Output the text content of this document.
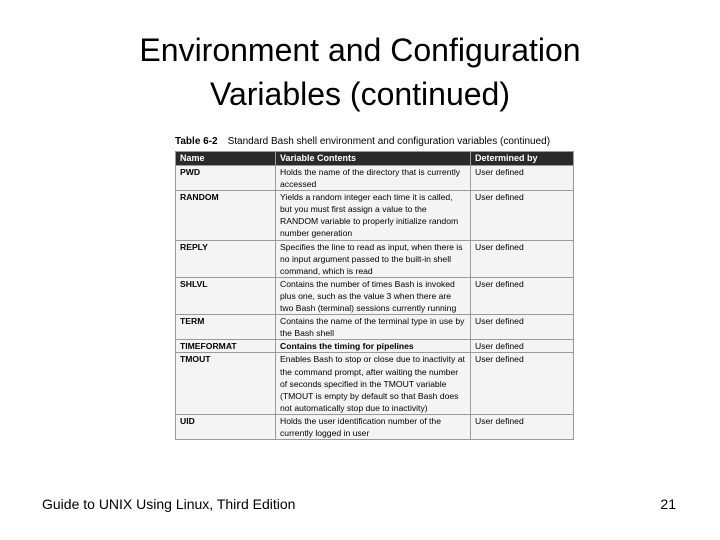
Environment and Configuration
Variables (continued)
Table 6-2 Standard Bash shell environment and configuration variables (continued)
Name	Variable Contents	Determined by
PWD	Holds the name of the directory that is currently accessed	User defined
RANDOM	Yields a random integer each time it is called, but you must first assign a value to the RANDOM variable to properly initialize random number generation	User defined
REPLY	Specifies the line to read as input, when there is no input argument passed to the built-in shell command, which is read	User defined
SHLVL	Contains the number of times Bash is invoked plus one, such as the value 3 when there are two Bash (terminal) sessions currently running	User defined
TERM	Contains the name of the terminal type in use by the Bash shell	User defined
TIMEFORMAT	Contains the timing for pipelines	User defined
TMOUT	Enables Bash to stop or close due to inactivity at the command prompt, after waiting the number of seconds specified in the TMOUT variable (TMOUT is empty by default so that Bash does not automatically stop due to inactivity)	User defined
UID	Holds the user identification number of the currently logged in user	User defined
Guide to UNIX Using Linux, Third Edition	21
